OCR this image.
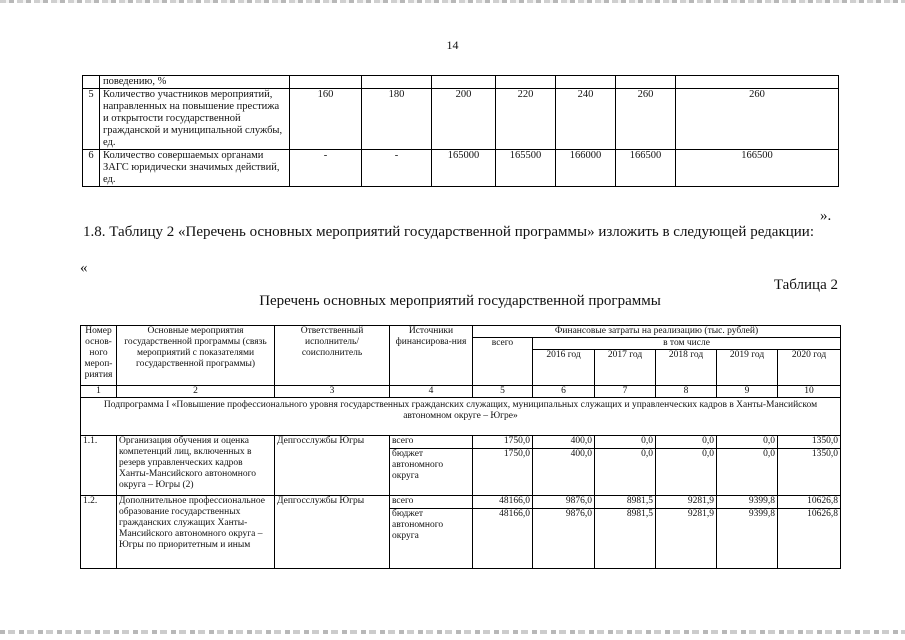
14
	поведению, %							
5	Количество участников мероприятий, направленных на повышение престижа и открытости государственной гражданской и муниципальной службы, ед.	160	180	200	220	240	260	260
6	Количество совершаемых органами ЗАГС юридически значимых действий, ед.	-	-	165000	165500	166000	166500	166500
».
1.8. Таблицу 2 «Перечень основных мероприятий государственной программы» изложить в следующей редакции:
«
Таблица 2
Перечень основных мероприятий государственной программы
Номер основ-ного мероп-риятия	Основные мероприятия государственной программы (связь мероприятий с показателями государственной программы)	Ответственный исполнитель/соисполнитель	Источники финансирова-ния	Финансовые затраты на реализацию (тыс. рублей)					
				всего	в том числе				
					2016 год	2017 год	2018 год	2019 год	2020 год
1	2	3	4	5	6	7	8	9	10
Подпрограмма I «Повышение профессионального уровня государственных гражданских служащих, муниципальных служащих и управленческих кадров в Ханты-Мансийском автономном округе – Югре»									
1.1.	Организация обучения и оценка компетенций лиц, включенных в резерв управленческих кадров Ханты-Мансийского автономного округа – Югры (2)	Депгосслужбы Югры	всего	1750,0	400,0	0,0	0,0	0,0	1350,0
			бюджет автономного округа	1750,0	400,0	0,0	0,0	0,0	1350,0
1.2.	Дополнительное профессиональное образование государственных гражданских служащих Ханты-Мансийского автономного округа – Югры по приоритетным и иным	Депгосслужбы Югры	всего	48166,0	9876,0	8981,5	9281,9	9399,8	10626,8
			бюджет автономного округа	48166,0	9876,0	8981,5	9281,9	9399,8	10626,8
